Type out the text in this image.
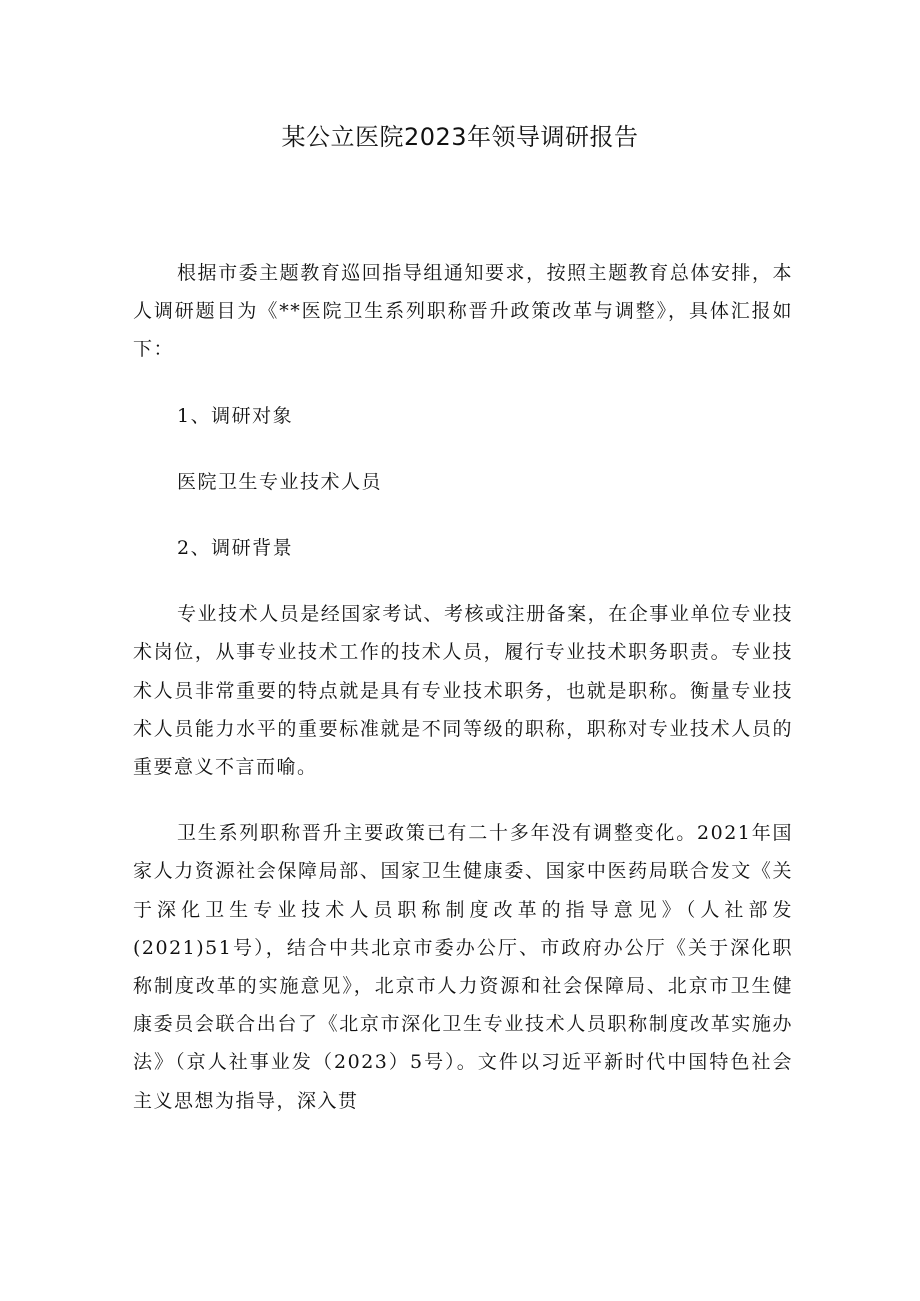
某公立医院2023年领导调研报告

根据市委主题教育巡回指导组通知要求，按照主题教育总体安排，本人调研题目为《**医院卫生系列职称晋升政策改革与调整》，具体汇报如下：

1、调研对象

医院卫生专业技术人员

2、调研背景

专业技术人员是经国家考试、考核或注册备案，在企事业单位专业技术岗位，从事专业技术工作的技术人员，履行专业技术职务职责。专业技术人员非常重要的特点就是具有专业技术职务，也就是职称。衡量专业技术人员能力水平的重要标准就是不同等级的职称，职称对专业技术人员的重要意义不言而喻。

卫生系列职称晋升主要政策已有二十多年没有调整变化。2021年国家人力资源社会保障局部、国家卫生健康委、国家中医药局联合发文《关于深化卫生专业技术人员职称制度改革的指导意见》（人社部发(2021)51号），结合中共北京市委办公厅、市政府办公厅《关于深化职称制度改革的实施意见》，北京市人力资源和社会保障局、北京市卫生健康委员会联合出台了《北京市深化卫生专业技术人员职称制度改革实施办法》（京人社事业发（2023）5号）。文件以习近平新时代中国特色社会主义思想为指导，深入贯
